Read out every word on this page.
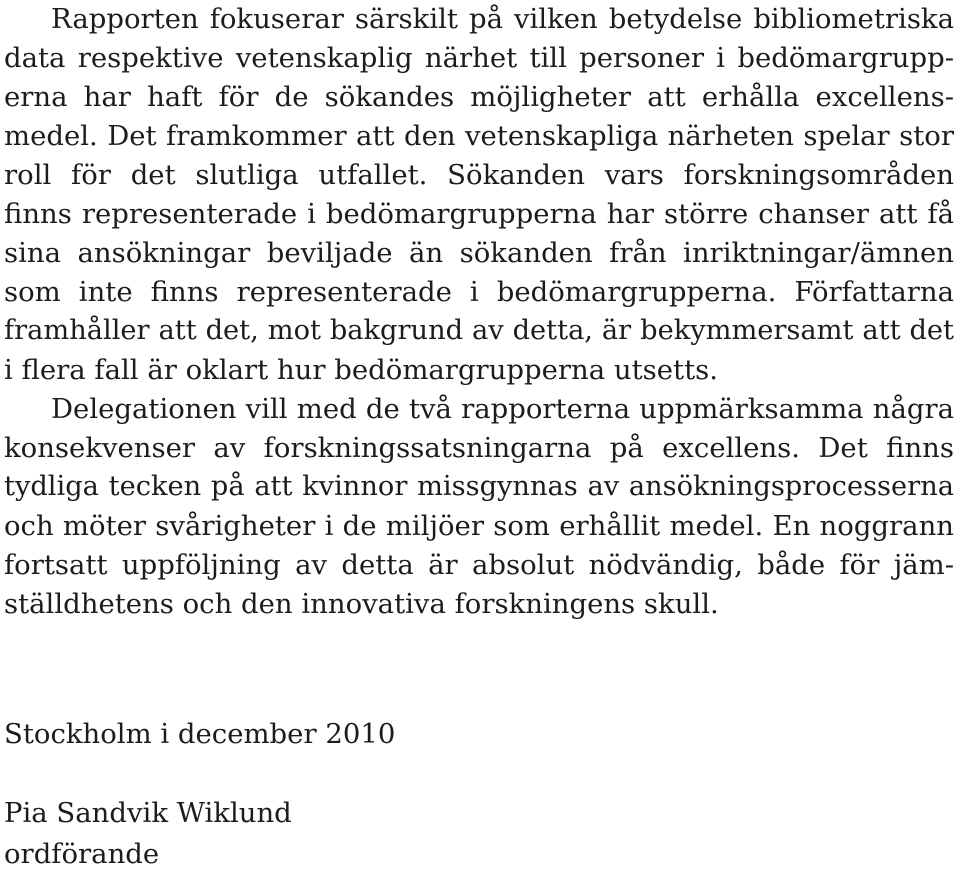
Rapporten fokuserar särskilt på vilken betydelse bibliometriska
data respektive vetenskaplig närhet till personer i bedömargrupp-
erna har haft för de sökandes möjligheter att erhålla excellens-
medel. Det framkommer att den vetenskapliga närheten spelar stor
roll för det slutliga utfallet. Sökanden vars forskningsområden
finns representerade i bedömargrupperna har större chanser att få
sina ansökningar beviljade än sökanden från inriktningar/ämnen
som inte finns representerade i bedömargrupperna. Författarna
framhåller att det, mot bakgrund av detta, är bekymmersamt att det
i flera fall är oklart hur bedömargrupperna utsetts.
Delegationen vill med de två rapporterna uppmärksamma några
konsekvenser av forskningssatsningarna på excellens. Det finns
tydliga tecken på att kvinnor missgynnas av ansökningsprocesserna
och möter svårigheter i de miljöer som erhållit medel. En noggrann
fortsatt uppföljning av detta är absolut nödvändig, både för jäm-
ställdhetens och den innovativa forskningens skull.
Stockholm i december 2010
Pia Sandvik Wiklund
ordförande
